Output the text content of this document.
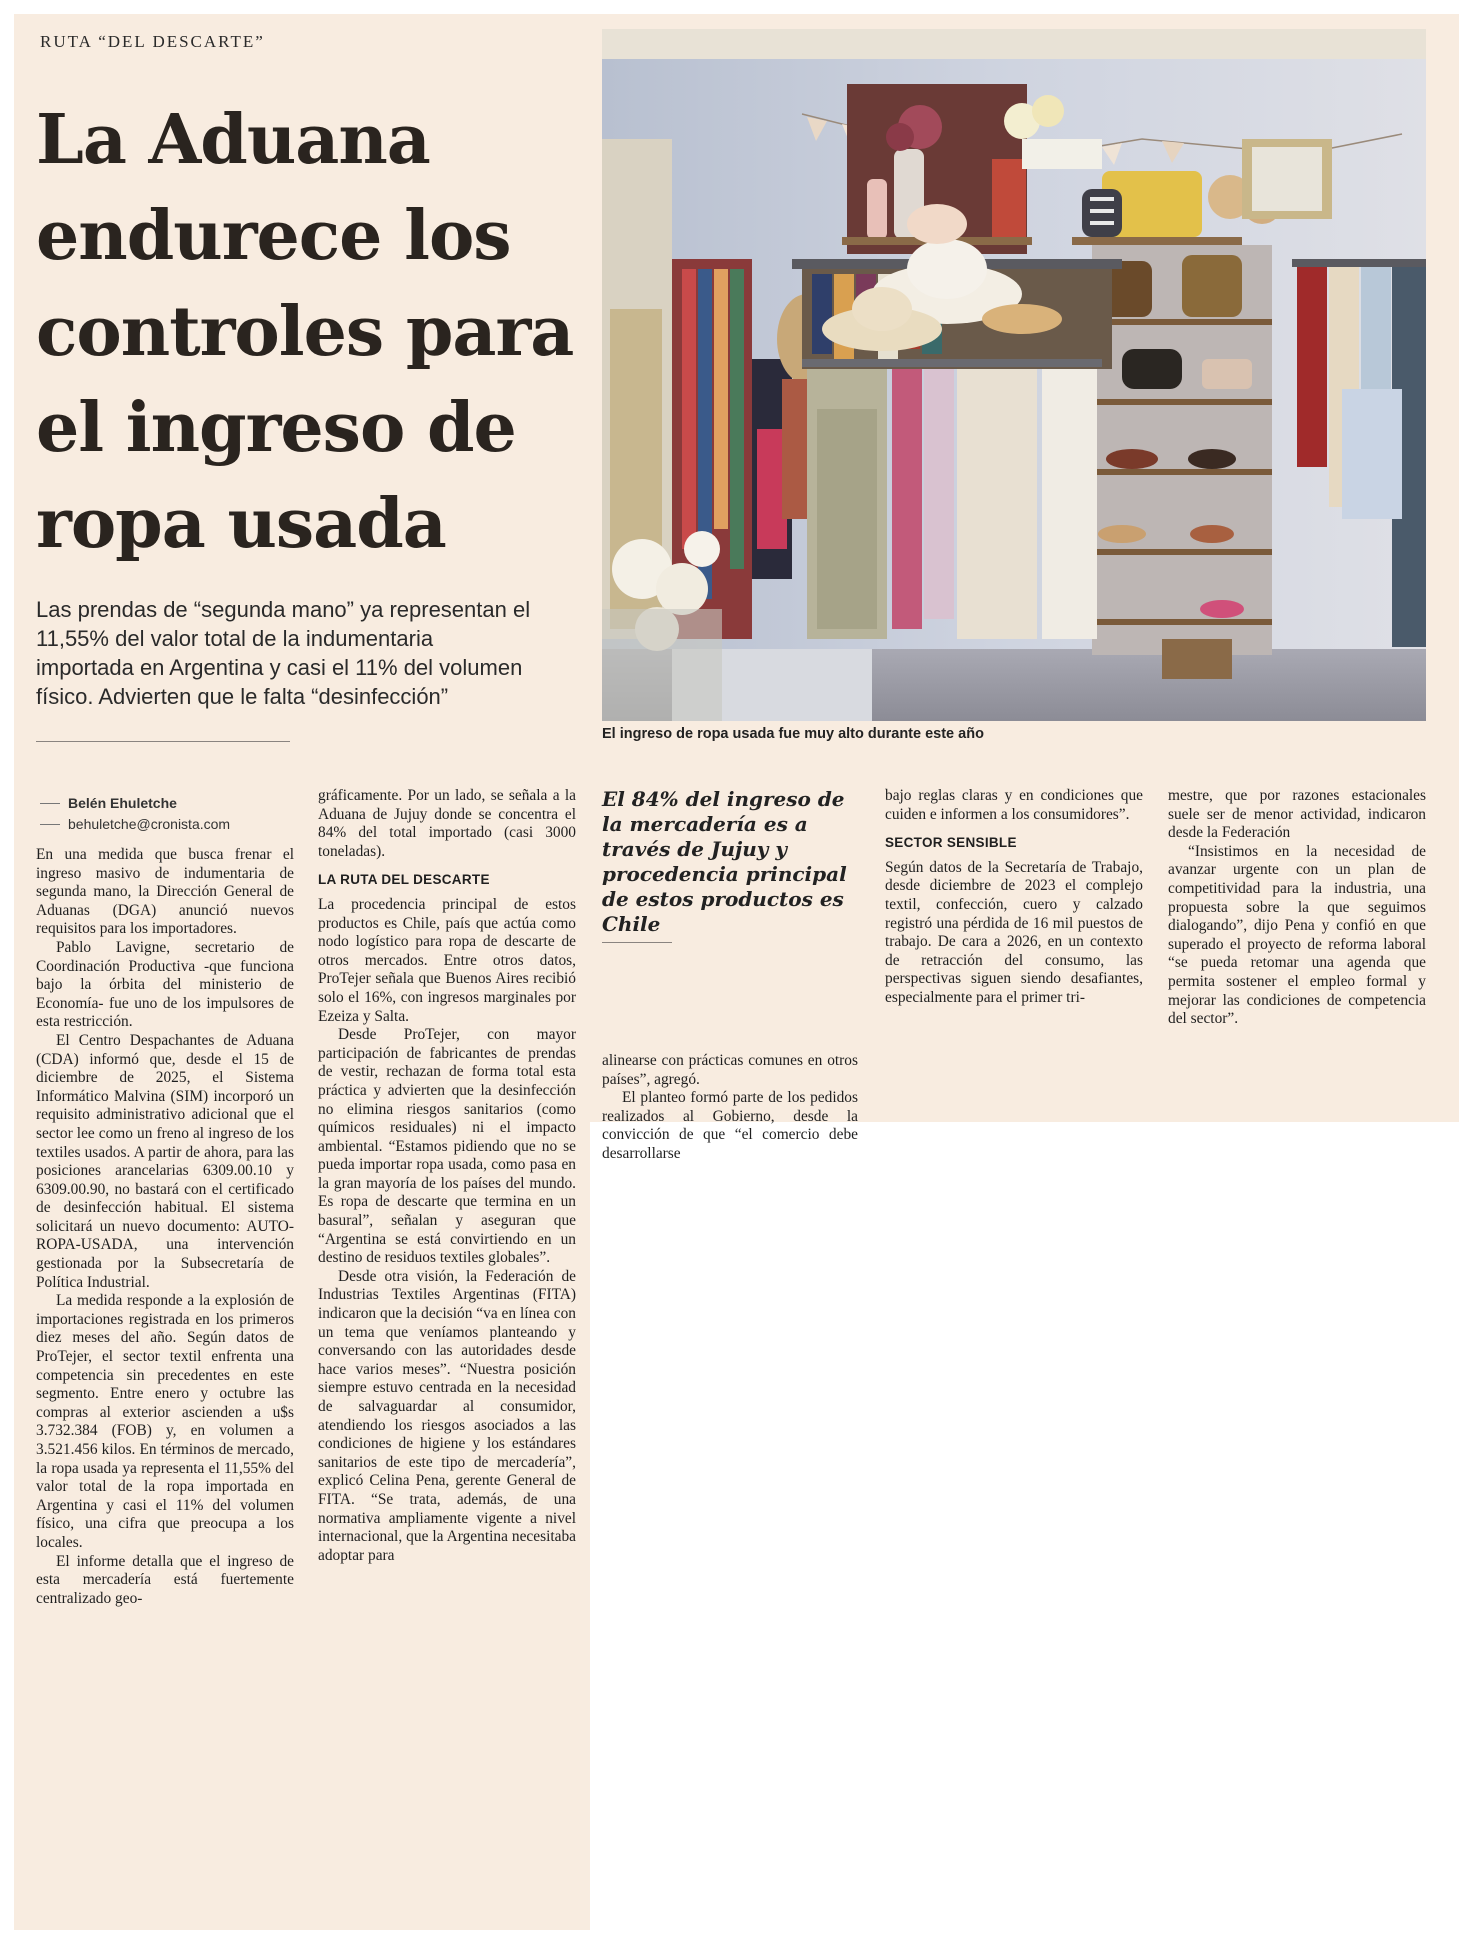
RUTA “DEL DESCARTE”
La Aduana endurece los controles para el ingreso de ropa usada

Las prendas de “segunda mano” ya representan el 11,55% del valor total de la indumentaria importada en Argentina y casi el 11% del volumen físico. Advierten que le falta “desinfección”

El ingreso de ropa usada fue muy alto durante este año
Belén Ehuletche
behuletche@cronista.com

En una medida que busca frenar el ingreso masivo de indumentaria de segunda mano, la Dirección General de Aduanas (DGA) anunció nuevos requisitos para los importadores.

Pablo Lavigne, secretario de Coordinación Productiva -que funciona bajo la órbita del ministerio de Economía- fue uno de los impulsores de esta restricción.

El Centro Despachantes de Aduana (CDA) informó que, desde el 15 de diciembre de 2025, el Sistema Informático Malvina (SIM) incorporó un requisito administrativo adicional que el sector lee como un freno al ingreso de los textiles usados. A partir de ahora, para las posiciones arancelarias 6309.00.10 y 6309.00.90, no bastará con el certificado de desinfección habitual. El sistema solicitará un nuevo documento: AUTO-ROPA-USADA, una intervención gestionada por la Subsecretaría de Política Industrial.

La medida responde a la explosión de importaciones registrada en los primeros diez meses del año. Según datos de ProTejer, el sector textil enfrenta una competencia sin precedentes en este segmento. Entre enero y octubre las compras al exterior ascienden a u$s 3.732.384 (FOB) y, en volumen a 3.521.456 kilos. En términos de mercado, la ropa usada ya representa el 11,55% del valor total de la ropa importada en Argentina y casi el 11% del volumen físico, una cifra que preocupa a los locales.

El informe detalla que el ingreso de esta mercadería está fuertemente centralizado geo-

gráficamente. Por un lado, se señala a la Aduana de Jujuy donde se concentra el 84% del total importado (casi 3000 toneladas).

LA RUTA DEL DESCARTE

La procedencia principal de estos productos es Chile, país que actúa como nodo logístico para ropa de descarte de otros mercados. Entre otros datos, ProTejer señala que Buenos Aires recibió solo el 16%, con ingresos marginales por Ezeiza y Salta.

Desde ProTejer, con mayor participación de fabricantes de prendas de vestir, rechazan de forma total esta práctica y advierten que la desinfección no elimina riesgos sanitarios (como químicos residuales) ni el impacto ambiental. “Estamos pidiendo que no se pueda importar ropa usada, como pasa en la gran mayoría de los países del mundo. Es ropa de descarte que termina en un basural”, señalan y aseguran que “Argentina se está convirtiendo en un destino de residuos textiles globales”.

Desde otra visión, la Federación de Industrias Textiles Argentinas (FITA) indicaron que la decisión “va en línea con un tema que veníamos planteando y conversando con las autoridades desde hace varios meses”. “Nuestra posición siempre estuvo centrada en la necesidad de salvaguardar al consumidor, atendiendo los riesgos asociados a las condiciones de higiene y los estándares sanitarios de este tipo de mercadería”, explicó Celina Pena, gerente General de FITA. “Se trata, además, de una normativa ampliamente vigente a nivel internacional, que la Argentina necesitaba adoptar para

El 84% del ingreso de la mercadería es a través de Jujuy y procedencia principal de estos productos es Chile

alinearse con prácticas comunes en otros países”, agregó.

El planteo formó parte de los pedidos realizados al Gobierno, desde la convicción de que “el comercio debe desarrollarse

bajo reglas claras y en condiciones que cuiden e informen a los consumidores”.

SECTOR SENSIBLE

Según datos de la Secretaría de Trabajo, desde diciembre de 2023 el complejo textil, confección, cuero y calzado registró una pérdida de 16 mil puestos de trabajo. De cara a 2026, en un contexto de retracción del consumo, las perspectivas siguen siendo desafiantes, especialmente para el primer tri-

mestre, que por razones estacionales suele ser de menor actividad, indicaron desde la Federación

“Insistimos en la necesidad de avanzar urgente con un plan de competitividad para la industria, una propuesta sobre la que seguimos dialogando”, dijo Pena y confió en que superado el proyecto de reforma laboral “se pueda retomar una agenda que permita sostener el empleo formal y mejorar las condiciones de competencia del sector”.
